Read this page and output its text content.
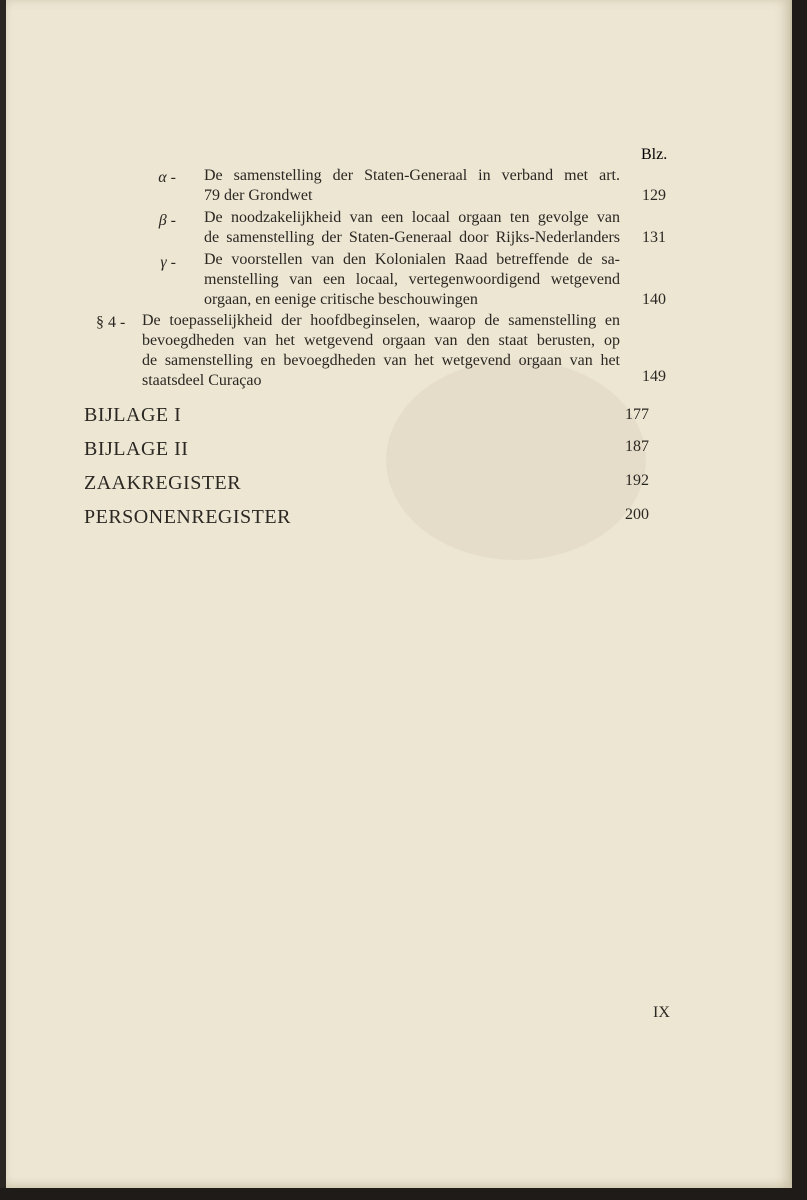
Blz.
α - De samenstelling der Staten-Generaal in verband met art.
79 der Grondwet	129
β - De noodzakelijkheid van een locaal orgaan ten gevolge van
de samenstelling der Staten-Generaal door Rijks-Nederlanders	131
γ - De voorstellen van den Kolonialen Raad betreffende de sa-
menstelling van een locaal, vertegenwoordigend wetgevend
orgaan, en eenige critische beschouwingen	140
§ 4 - De toepasselijkheid der hoofdbeginselen, waarop de samenstelling en
bevoegdheden van het wetgevend orgaan van den staat berusten, op
de samenstelling en bevoegdheden van het wetgevend orgaan van het
staatsdeel Curaçao	149
BIJLAGE I	177
BIJLAGE II	187
ZAAKREGISTER	192
PERSONENREGISTER	200
IX
